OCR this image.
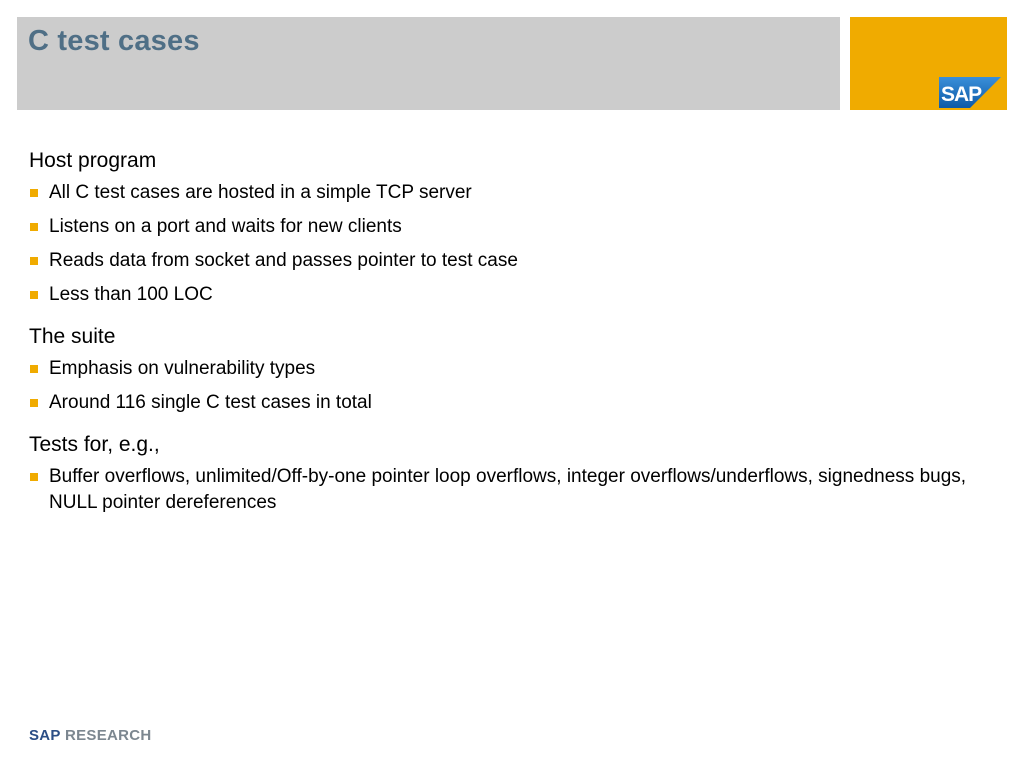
C test cases
SAP
Host program
All C test cases are hosted in a simple TCP server
Listens on a port and waits for new clients
Reads data from socket and passes pointer to test case
Less than 100 LOC
The suite
Emphasis on vulnerability types
Around 116 single C test cases in total
Tests for, e.g.,
Buffer overflows, unlimited/Off-by-one pointer loop overflows, integer overflows/underflows, signedness bugs, NULL pointer dereferences
SAP RESEARCH
